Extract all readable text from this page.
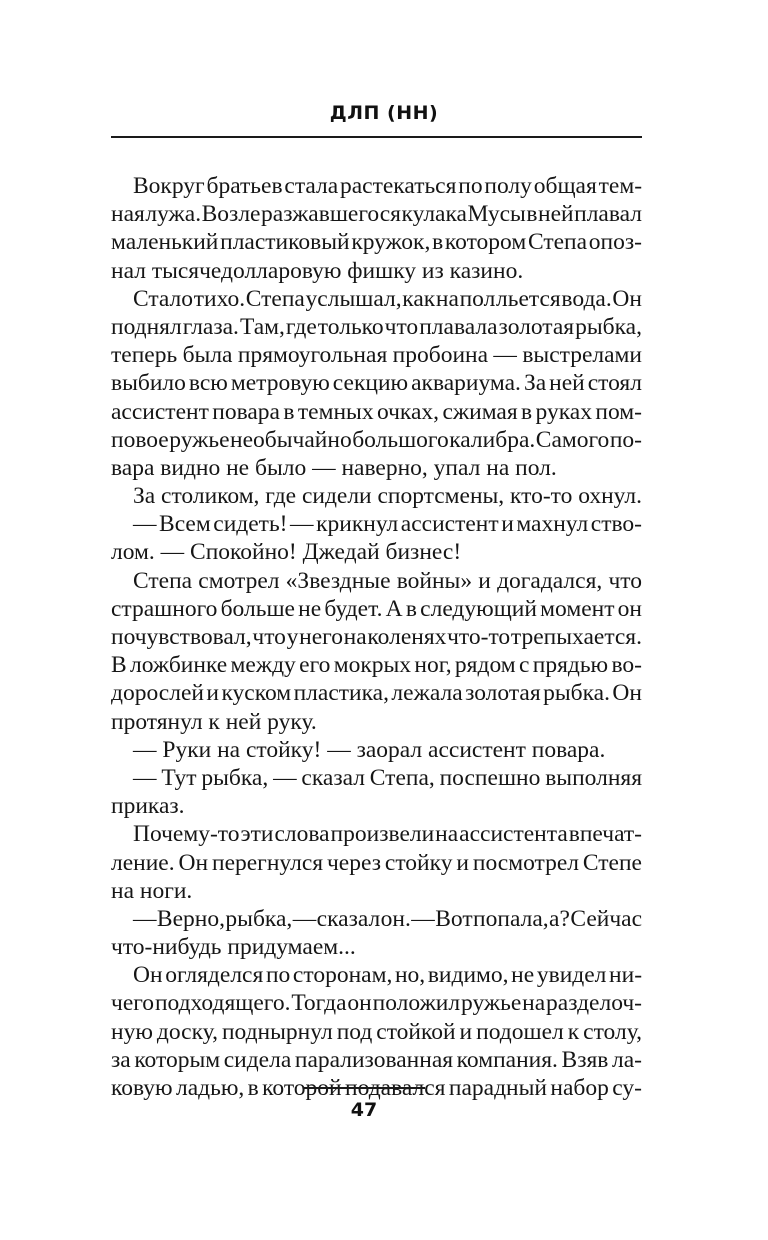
ДЛП (НН)
Вокруг братьев стала растекаться по полу общая тем-
ная лужа. Возле разжавшегося кулака Мусы в ней плавал
маленький пластиковый кружок, в котором Степа опоз-
нал тысячедолларовую фишку из казино.
Стало тихо. Степа услышал, как на пол льется вода. Он
поднял глаза. Там, где только что плавала золотая рыбка,
теперь была прямоугольная пробоина — выстрелами
выбило всю метровую секцию аквариума. За ней стоял
ассистент повара в темных очках, сжимая в руках пом-
повое ружье необычайно большого калибра. Самого по-
вара видно не было — наверно, упал на пол.
За столиком, где сидели спортсмены, кто-то охнул.
— Всем сидеть! — крикнул ассистент и махнул ство-
лом. — Спокойно! Джедай бизнес!
Степа смотрел «Звездные войны» и догадался, что
страшного больше не будет. А в следующий момент он
почувствовал, что у него на коленях что-то трепыхается.
В ложбинке между его мокрых ног, рядом с прядью во-
дорослей и куском пластика, лежала золотая рыбка. Он
протянул к ней руку.
— Руки на стойку! — заорал ассистент повара.
— Тут рыбка, — сказал Степа, поспешно выполняя
приказ.
Почему-то эти слова произвели на ассистента впечат-
ление. Он перегнулся через стойку и посмотрел Степе
на ноги.
— Верно, рыбка, — сказал он. — Вот попала, а? Сейчас
что-нибудь придумаем...
Он огляделся по сторонам, но, видимо, не увидел ни-
чего подходящего. Тогда он положил ружье на разделоч-
ную доску, поднырнул под стойкой и подошел к столу,
за которым сидела парализованная компания. Взяв ла-
ковую ладью, в которой подавался парадный набор су-
47
